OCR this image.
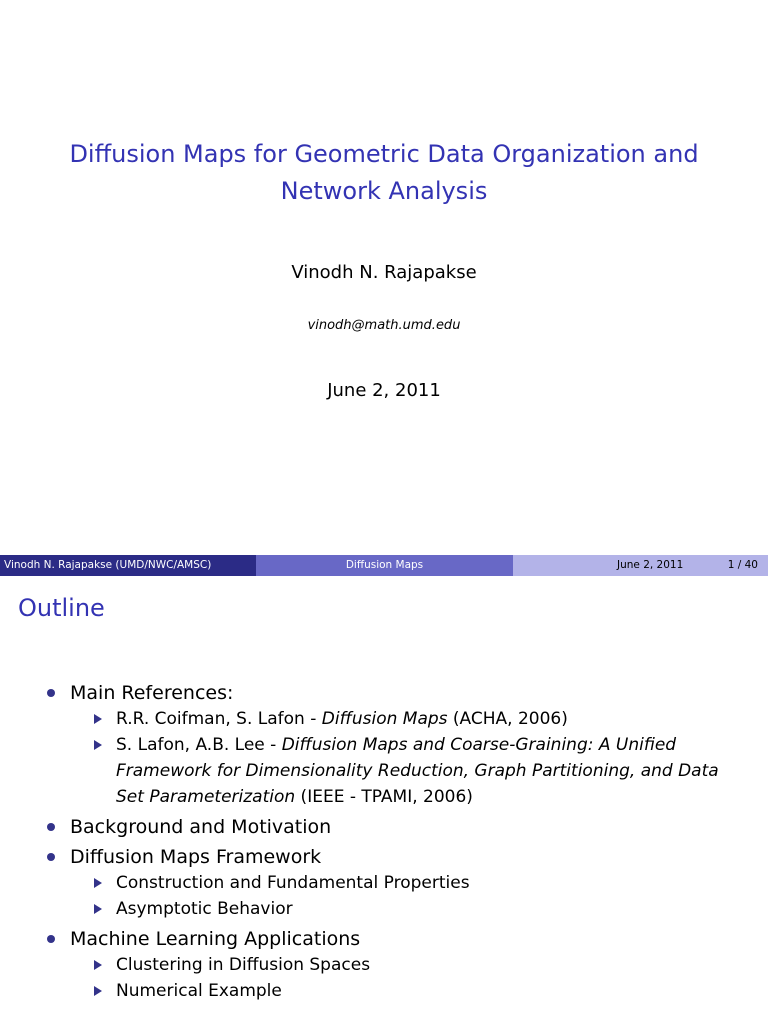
Diffusion Maps for Geometric Data Organization and
Network Analysis
Vinodh N. Rajapakse
vinodh@math.umd.edu
June 2, 2011
Vinodh N. Rajapakse (UMD/NWC/AMSC)	Diffusion Maps	June 2, 2011	1 / 40
Outline
Main References:
R.R. Coifman, S. Lafon - Diffusion Maps (ACHA, 2006)
S. Lafon, A.B. Lee - Diffusion Maps and Coarse-Graining: A Unified Framework for Dimensionality Reduction, Graph Partitioning, and Data Set Parameterization (IEEE - TPAMI, 2006)
Background and Motivation
Diffusion Maps Framework
Construction and Fundamental Properties
Asymptotic Behavior
Machine Learning Applications
Clustering in Diffusion Spaces
Numerical Example
